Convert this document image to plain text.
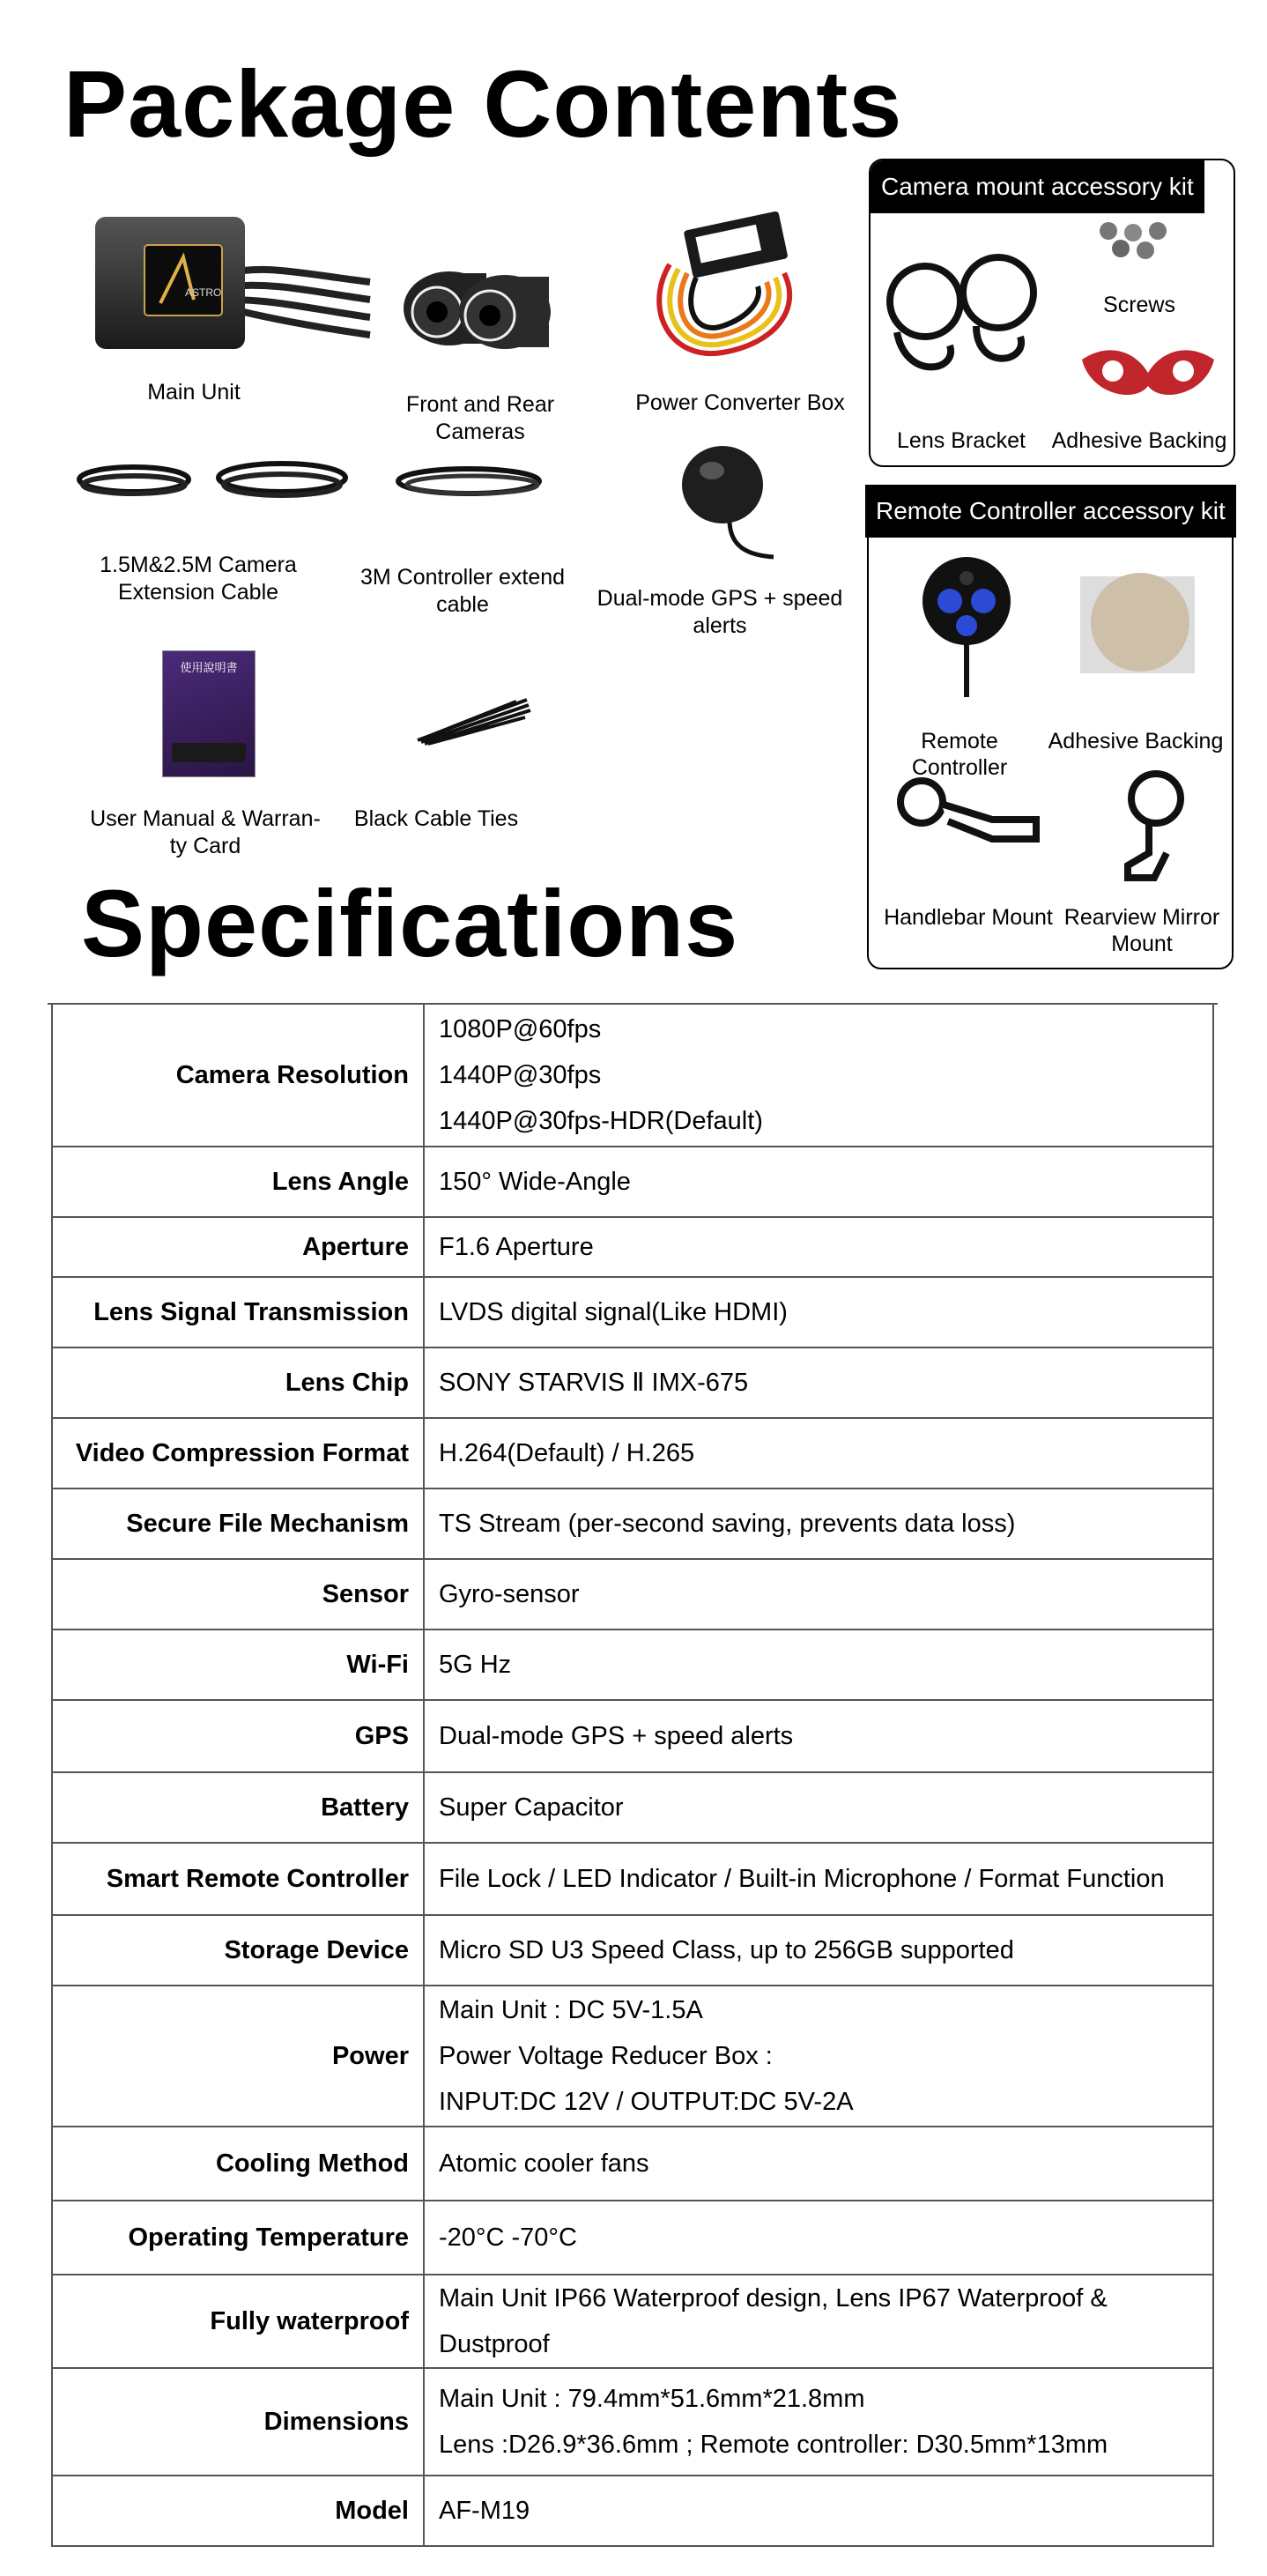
Package Contents
Specifications
ASTRO
使用說明書
Main Unit	Front and Rear Cameras
Power Converter Box
1.5M&2.5M Camera Extension Cable
3M Controller extend cable	Dual-mode GPS + speed alerts
User Manual & Warran-ty Card
Black Cable Ties
Camera mount accessory kit
Lens Bracket
Screws
Adhesive Backing
Remote Controller accessory kit
Remote Controller
Adhesive Backing
Handlebar Mount Rearview Mirror Mount
Camera Resolution	1080P@60fps
1440P@30fps
1440P@30fps-HDR(Default)

Lens Angle	150° Wide-Angle

Aperture	F1.6 Aperture

Lens Signal Transmission	LVDS digital signal(Like HDMI)

Lens Chip	SONY STARVIS Ⅱ IMX-675

Video Compression Format	H.264(Default) / H.265

Secure File Mechanism	TS Stream (per-second saving, prevents data loss)

Sensor	Gyro-sensor

Wi-Fi	5G Hz

GPS	Dual-mode GPS + speed alerts

Battery	Super Capacitor

Smart Remote Controller	File Lock / LED Indicator / Built-in Microphone / Format Function

Storage Device	Micro SD U3 Speed Class, up to 256GB supported

Power	Main Unit : DC 5V-1.5A
Power Voltage Reducer Box :
INPUT:DC 12V / OUTPUT:DC 5V-2A

Cooling Method	Atomic cooler fans

Operating Temperature	-20°C -70°C

Fully waterproof	Main Unit IP66 Waterproof design, Lens IP67 Waterproof & Dustproof

Dimensions	Main Unit : 79.4mm*51.6mm*21.8mm
Lens :D26.9*36.6mm ; Remote controller: D30.5mm*13mm

Model	AF-M19
